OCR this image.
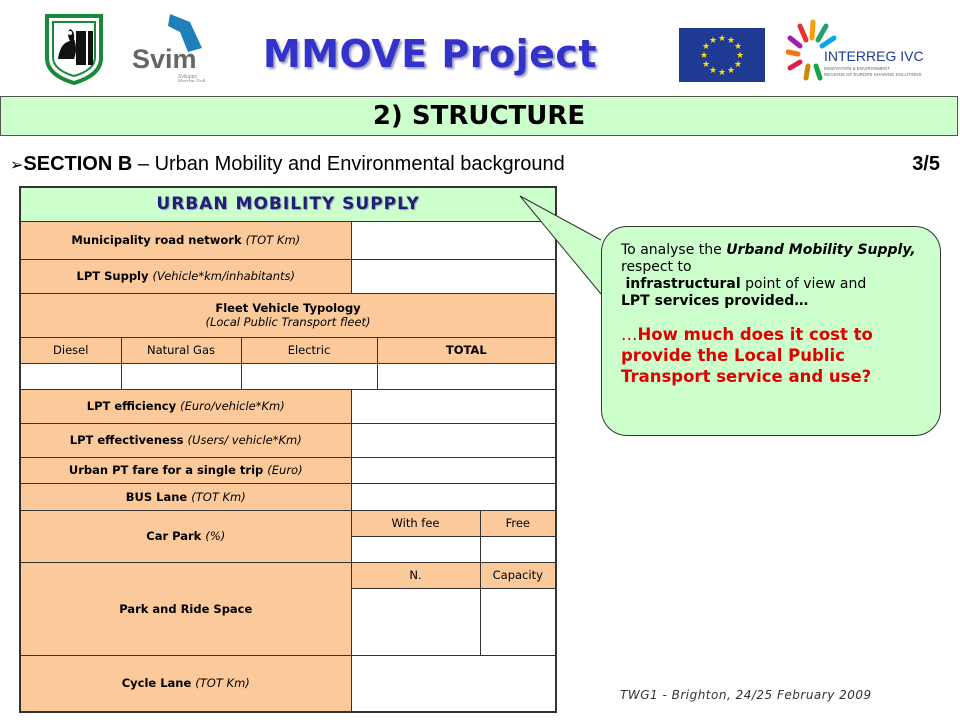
Svim
Sviluppo
Marche SpA
MMOVE Project	★ ★
★
★
★
★
★
★
★
★
★
★
INTERREG IVC
INNOVATION & ENVIRONMENT
REGIONS OF EUROPE SHARING SOLUTIONS
2) STRUCTURE
➢SECTION B – Urban Mobility and Environmental background	3/5
URBAN MOBILITY SUPPLY					
Municipality road network (TOT Km)					
LPT Supply (Vehicle*km/inhabitants)					
Fleet Vehicle Typology
(Local Public Transport fleet)					
Diesel	Natural Gas	Electric		TOTAL	

LPT efficiency (Euro/vehicle*Km)					
LPT effectiveness (Users/ vehicle*Km)					
Urban PT fare for a single trip (Euro)					
BUS Lane (TOT Km)					
Car Park (%)			With fee		Free

Park and Ride Space			N.		Capacity

Cycle Lane (TOT Km)					
To analyse the Urband Mobility Supply, respect to
infrastructural point of view and
LPT services provided…
…How much does it cost to provide the Local Public Transport service and use?
TWG1 - Brighton, 24/25 February 2009
